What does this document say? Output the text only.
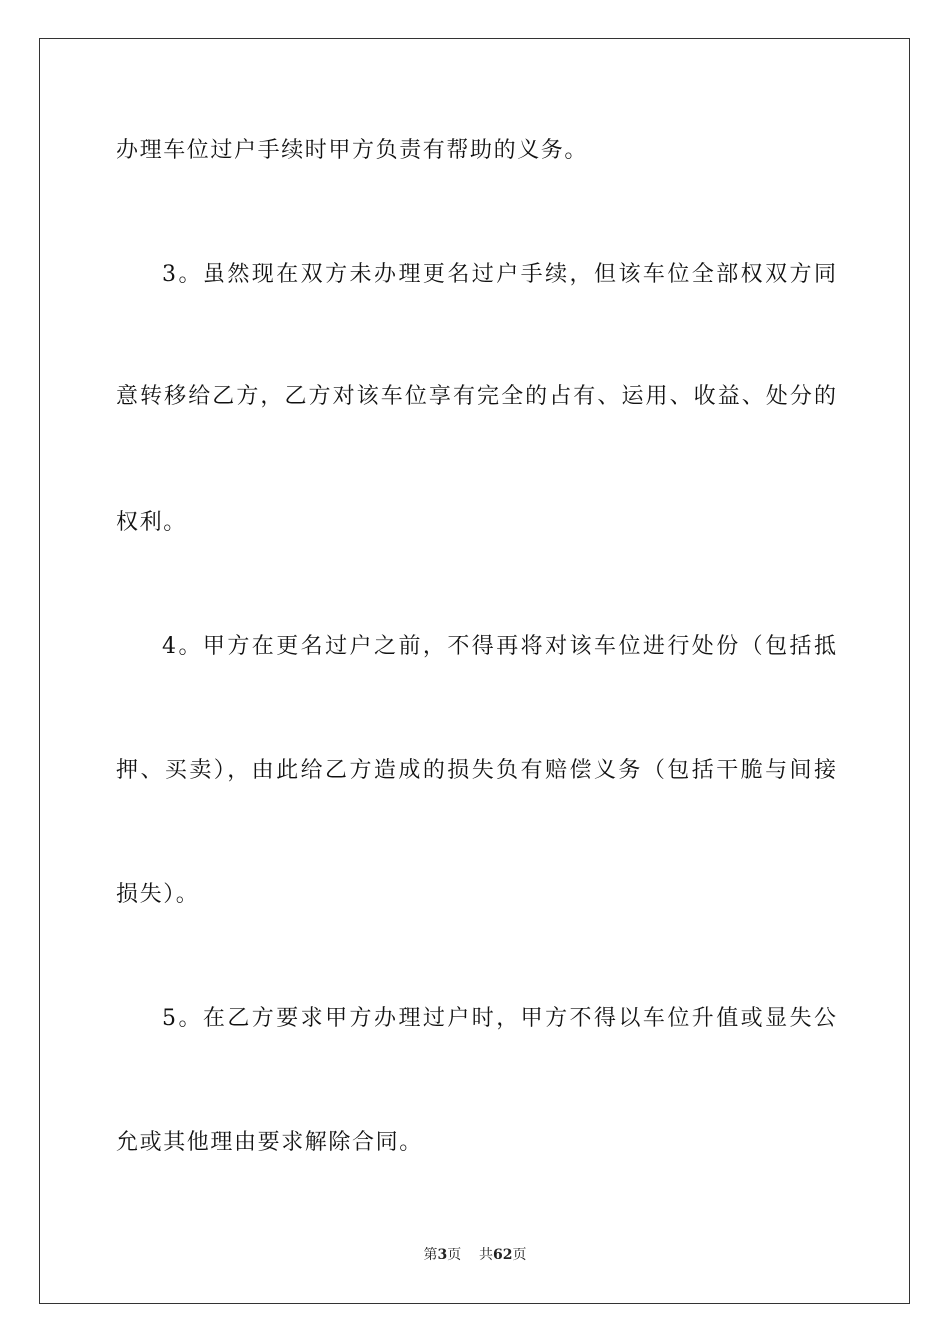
办理车位过户手续时甲方负责有帮助的义务。
3。虽然现在双方未办理更名过户手续，但该车位全部权双方同
意转移给乙方，乙方对该车位享有完全的占有、运用、收益、处分的
权利。
4。甲方在更名过户之前，不得再将对该车位进行处份（包括抵
押、买卖），由此给乙方造成的损失负有赔偿义务（包括干脆与间接
损失）。
5。在乙方要求甲方办理过户时，甲方不得以车位升值或显失公
允或其他理由要求解除合同。
第3页 共62页
